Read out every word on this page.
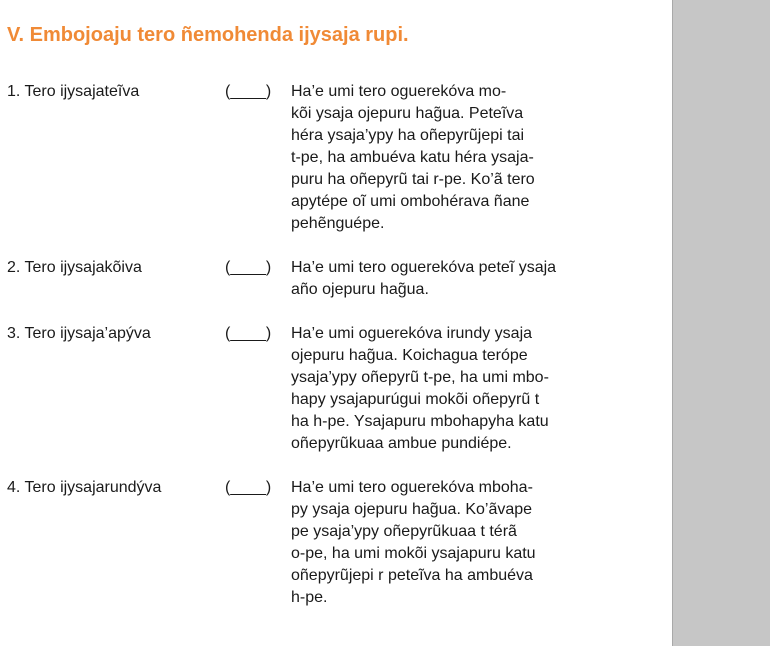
V. Embojoaju tero ñemohenda ijysaja rupi.
1. Tero ijysajateĩva	(____) Ha’e umi tero oguerekóva mo-
kõi ysaja ojepuru hag̃ua. Peteĩva
héra ysaja’ypy ha oñepyrũjepi tai
t-pe, ha ambuéva katu héra ysaja-
puru ha oñepyrũ tai r-pe. Ko’ã tero
apytépe oĩ umi ombohérava ñane
pehẽnguépe.
2. Tero ijysajakõiva	(____) Ha’e umi tero oguerekóva peteĩ ysaja
año ojepuru hag̃ua.
3. Tero ijysaja’apýva	(____) Ha’e umi oguerekóva irundy ysaja
ojepuru hag̃ua. Koichagua terópe
ysaja’ypy oñepyrũ t-pe, ha umi mbo-
hapy ysajapurúgui mokõi oñepyrũ t
ha h-pe. Ysajapuru mbohapyha katu
oñepyrũkuaa ambue pundiépe.
4. Tero ijysajarundýva	(____) Ha’e umi tero oguerekóva mboha-
py ysaja ojepuru hag̃ua. Ko’ãvape
pe ysaja’ypy oñepyrũkuaa t térã
o-pe, ha umi mokõi ysajapuru katu
oñepyrũjepi r peteĩva ha ambuéva
h-pe.
